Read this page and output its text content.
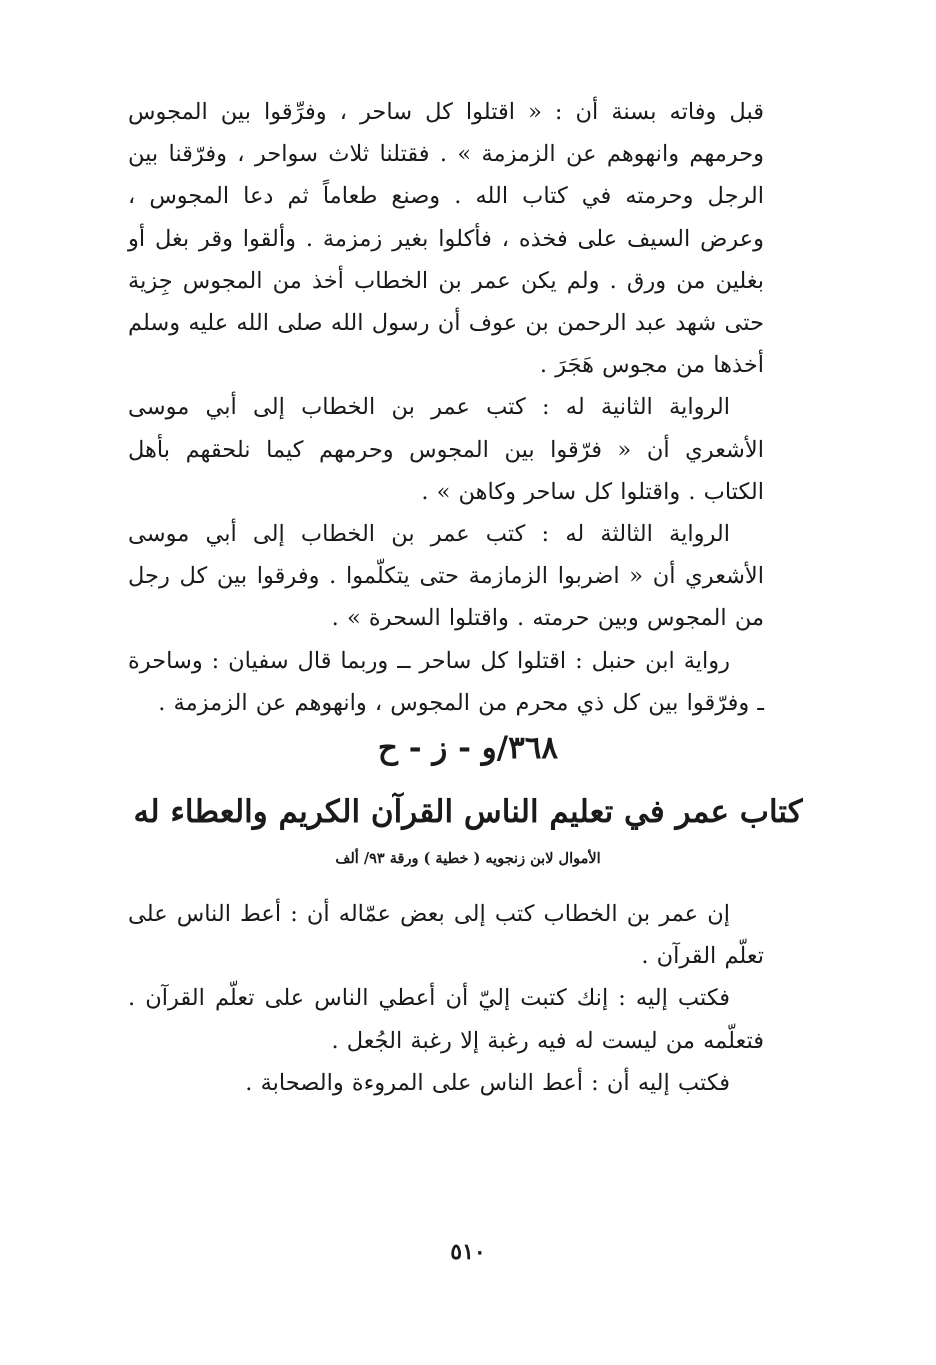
قبل وفاته بسنة أن : « اقتلوا كل ساحر ، وفرِّقوا بين المجوس وحرمهم وانهوهم عن الزمزمة » . فقتلنا ثلاث سواحر ، وفرّقنا بين الرجل وحرمته في كتاب الله . وصنع طعاماً ثم دعا المجوس ، وعرض السيف على فخذه ، فأكلوا بغير زمزمة . وألقوا وقر بغل أو بغلين من ورق . ولم يكن عمر بن الخطاب أخذ من المجوس جِزية حتى شهد عبد الرحمن بن عوف أن رسول الله صلى الله عليه وسلم أخذها من مجوس هَجَرَ .

الرواية الثانية له : كتب عمر بن الخطاب إلى أبي موسى الأشعري أن « فرّقوا بين المجوس وحرمهم كيما نلحقهم بأهل الكتاب . واقتلوا كل ساحر وكاهن » .

الرواية الثالثة له : كتب عمر بن الخطاب إلى أبي موسى الأشعري أن « اضربوا الزمازمة حتى يتكلّموا . وفرقوا بين كل رجل من المجوس وبين حرمته . واقتلوا السحرة » .

رواية ابن حنبل : اقتلوا كل ساحر ــ وربما قال سفيان : وساحرة ـ وفرّقوا بين كل ذي محرم من المجوس ، وانهوهم عن الزمزمة .

٣٦٨/و - ز - ح
كتاب عمر في تعليم الناس القرآن الكريم والعطاء له
الأموال لابن زنجويه ( خطية ) ورقة ٩٣/ ألف

إن عمر بن الخطاب كتب إلى بعض عمّاله أن : أعط الناس على تعلّم القرآن .

فكتب إليه : إنك كتبت إليّ أن أعطي الناس على تعلّم القرآن . فتعلّمه من ليست له فيه رغبة إلا رغبة الجُعل .

فكتب إليه أن : أعط الناس على المروءة والصحابة .

٥١٠
